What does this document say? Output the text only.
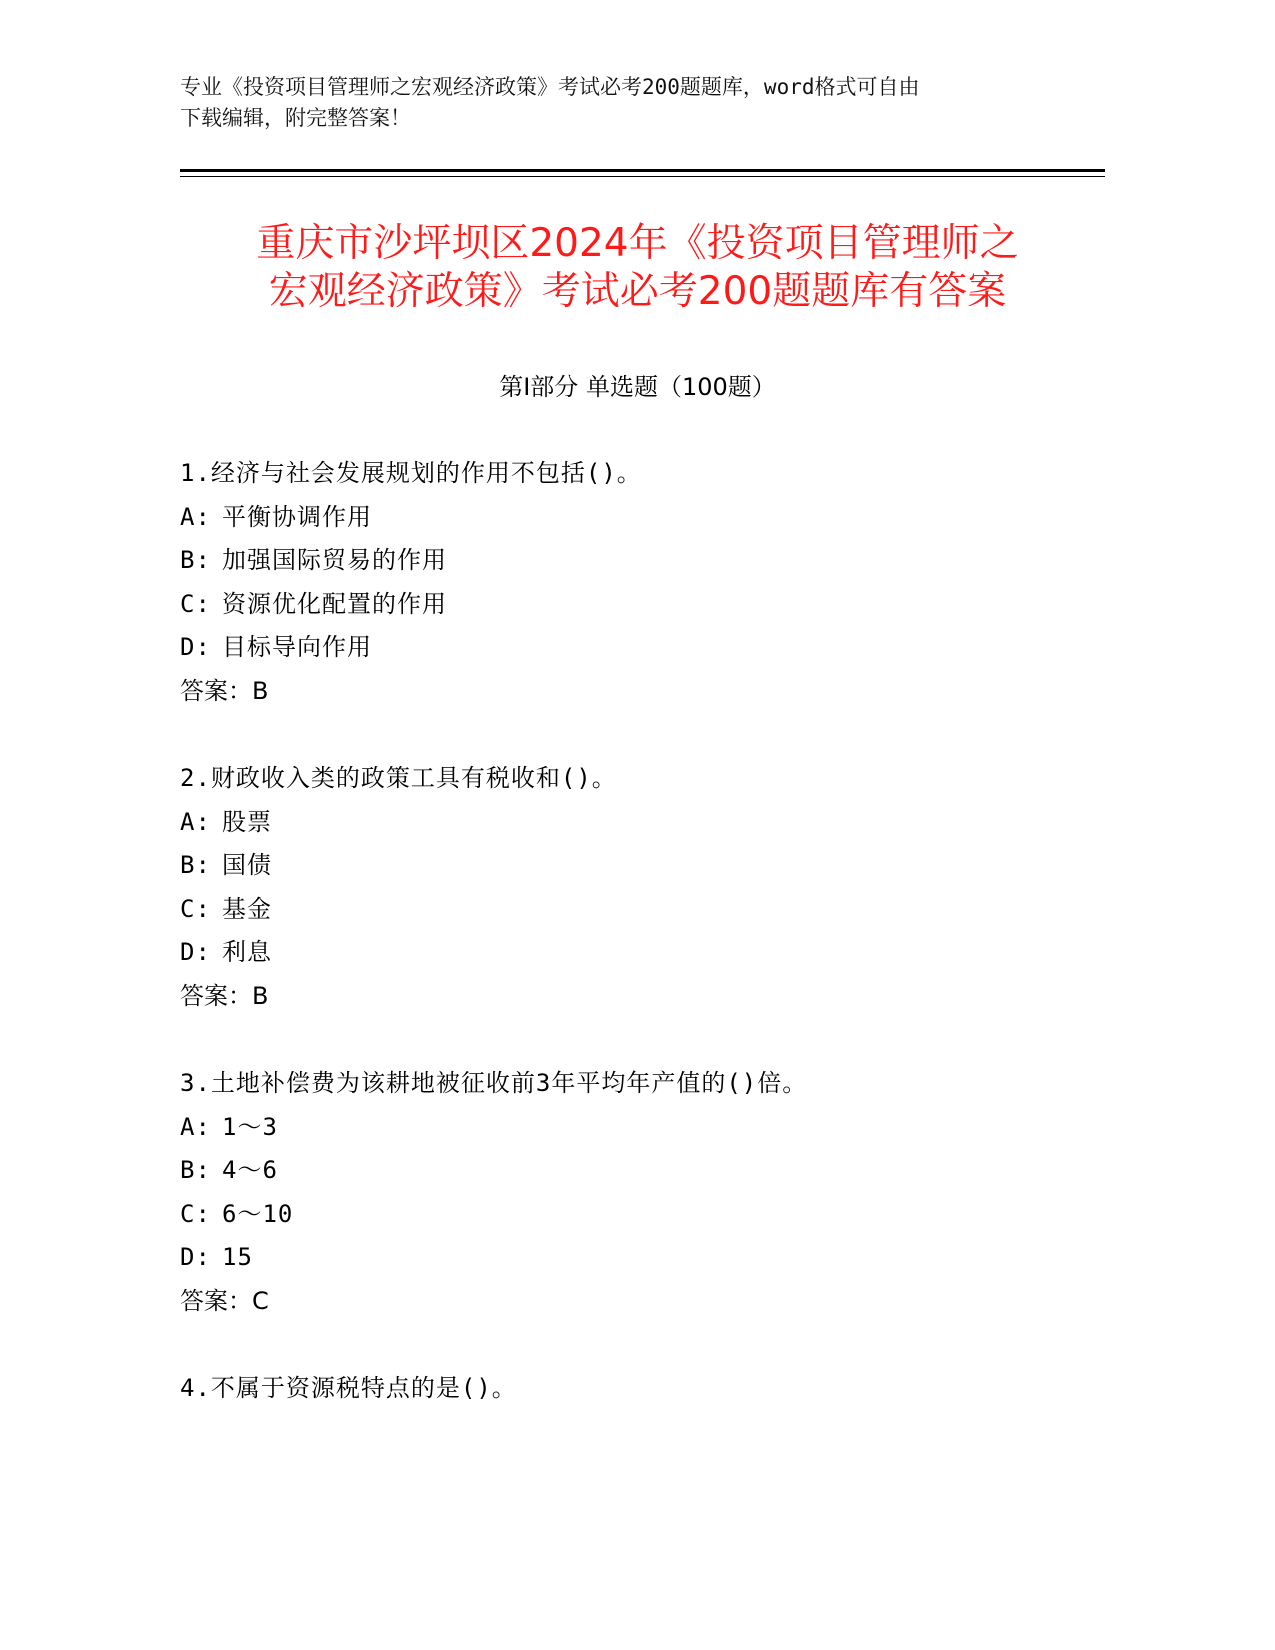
专业《投资项目管理师之宏观经济政策》考试必考200题题库，word格式可自由
下载编辑，附完整答案！
重庆市沙坪坝区2024年《投资项目管理师之
宏观经济政策》考试必考200题题库有答案
第Ⅰ部分 单选题（100题）
1.经济与社会发展规划的作用不包括()。
A: 平衡协调作用
B: 加强国际贸易的作用
C: 资源优化配置的作用
D: 目标导向作用
答案：B
2.财政收入类的政策工具有税收和()。
A: 股票
B: 国债
C: 基金
D: 利息
答案：B
3.土地补偿费为该耕地被征收前3年平均年产值的()倍。
A: 1～3
B: 4～6
C: 6～10
D: 15
答案：C
4.不属于资源税特点的是()。
